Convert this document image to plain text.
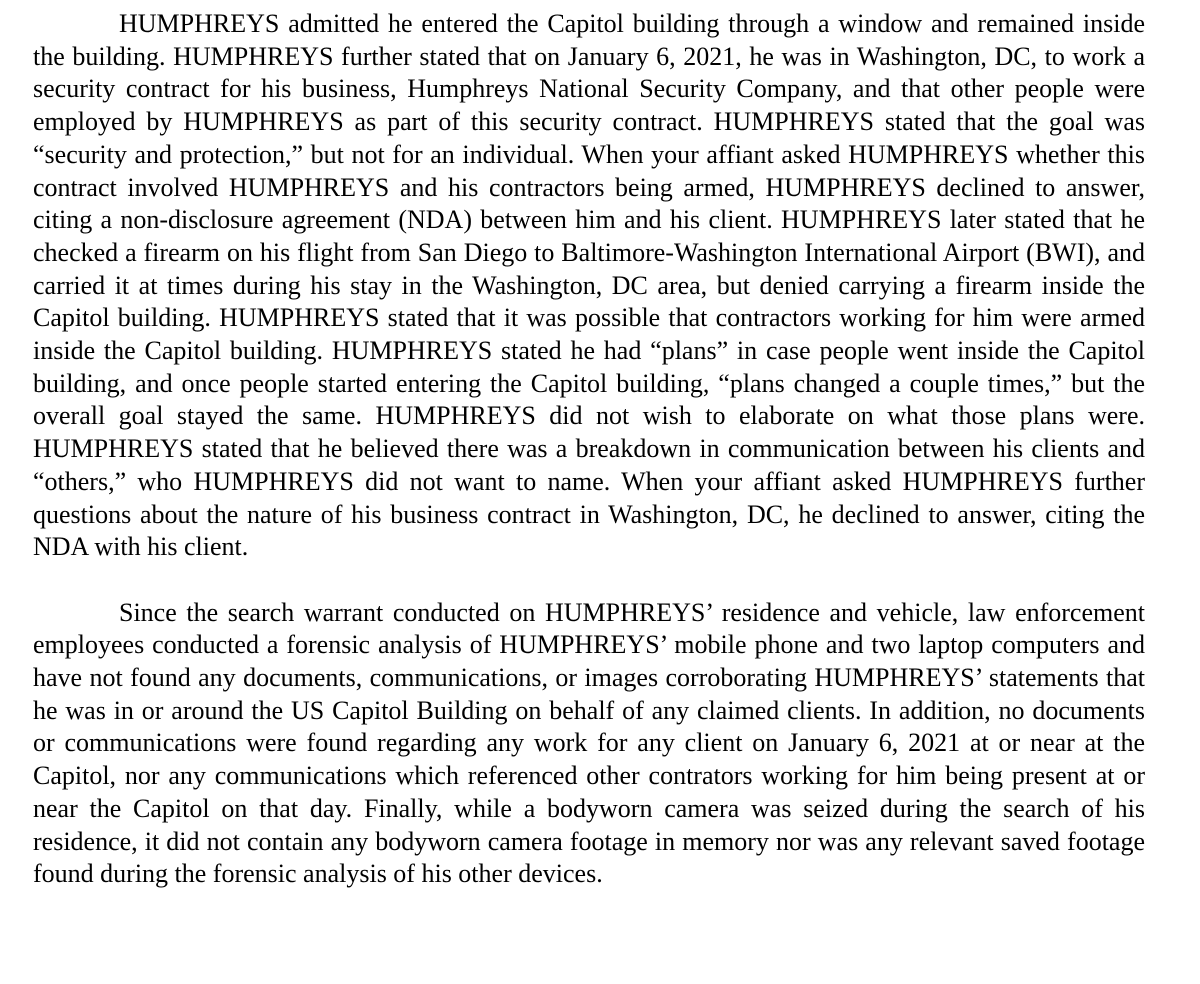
HUMPHREYS admitted he entered the Capitol building through a window and remained inside the building. HUMPHREYS further stated that on January 6, 2021, he was in Washington, DC, to work a security contract for his business, Humphreys National Security Company, and that other people were employed by HUMPHREYS as part of this security contract. HUMPHREYS stated that the goal was “security and protection,” but not for an individual. When your affiant asked HUMPHREYS whether this contract involved HUMPHREYS and his contractors being armed, HUMPHREYS declined to answer, citing a non-disclosure agreement (NDA) between him and his client. HUMPHREYS later stated that he checked a firearm on his flight from San Diego to Baltimore-Washington International Airport (BWI), and carried it at times during his stay in the Washington, DC area, but denied carrying a firearm inside the Capitol building. HUMPHREYS stated that it was possible that contractors working for him were armed inside the Capitol building. HUMPHREYS stated he had “plans” in case people went inside the Capitol building, and once people started entering the Capitol building, “plans changed a couple times,” but the overall goal stayed the same. HUMPHREYS did not wish to elaborate on what those plans were. HUMPHREYS stated that he believed there was a breakdown in communication between his clients and “others,” who HUMPHREYS did not want to name. When your affiant asked HUMPHREYS further questions about the nature of his business contract in Washington, DC, he declined to answer, citing the NDA with his client.

Since the search warrant conducted on HUMPHREYS’ residence and vehicle, law enforcement employees conducted a forensic analysis of HUMPHREYS’ mobile phone and two laptop computers and have not found any documents, communications, or images corroborating HUMPHREYS’ statements that he was in or around the US Capitol Building on behalf of any claimed clients. In addition, no documents or communications were found regarding any work for any client on January 6, 2021 at or near at the Capitol, nor any communications which referenced other contrators working for him being present at or near the Capitol on that day. Finally, while a bodyworn camera was seized during the search of his residence, it did not contain any bodyworn camera footage in memory nor was any relevant saved footage found during the forensic analysis of his other devices.
